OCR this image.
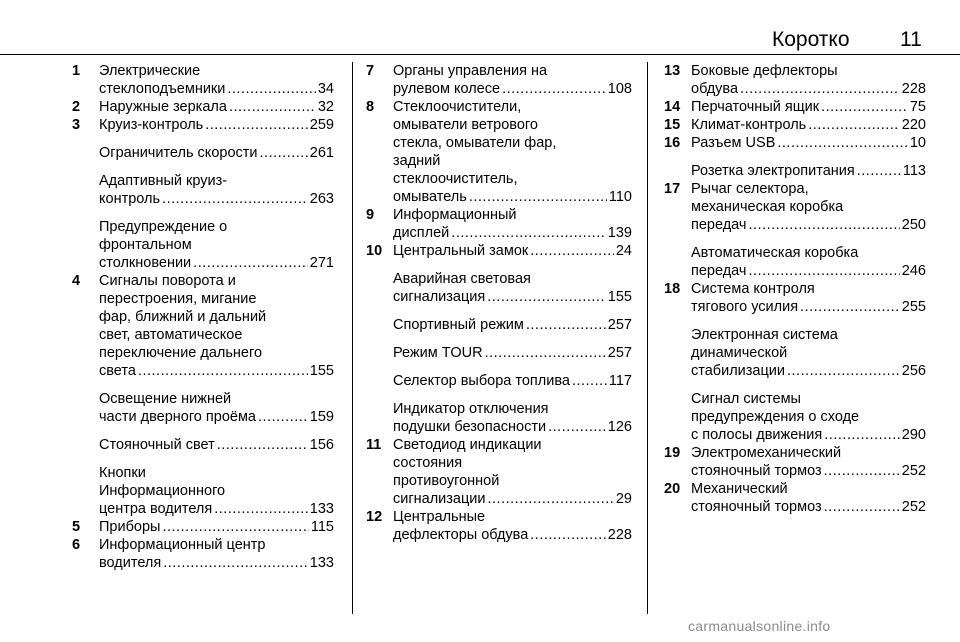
Коротко 11
1	Электрические
стеклоподъемники .....	34
2	Наружные зеркала .....	32
3	Круиз-контроль .....	259
Ограничитель скорости .....	261
Адаптивный круиз-
контроль .....	263
Предупреждение о
фронтальном
столкновении .....	271
4	Сигналы поворота и
перестроения, мигание
фар, ближний и дальний
свет, автоматическое
переключение дальнего
света .....	155
Освещение нижней
части дверного проёма .....	159
Стояночный свет .....	156
Кнопки
Информационного
центра водителя .....	133
5	Приборы .....	115
6	Информационный центр
водителя .....	133
7	Органы управления на
рулевом колесе .....	108
8	Стеклоочистители,
омыватели ветрового
стекла, омыватели фар,
задний
стеклоочиститель,
омыватель .....	110
9	Информационный
дисплей .....	139
10 Центральный замок .....	24
Аварийная световая
сигнализация .....	155
Спортивный режим .....	257
Режим TOUR .....	257
Селектор выбора топлива .....	117
Индикатор отключения
подушки безопасности .....	126
11 Светодиод индикации
состояния
противоугонной
сигнализации .....	29
12 Центральные
дефлекторы обдува .....	228
13 Боковые дефлекторы
обдува .....	228
14 Перчаточный ящик .....	75
15 Климат-контроль .....	220
16 Разъем USB .....	10
Розетка электропитания .....	113
17 Рычаг селектора,
механическая коробка
передач .....	250
Автоматическая коробка
передач .....	246
18 Система контроля
тягового усилия .....	255
Электронная система
динамической
стабилизации .....	256
Сигнал системы
предупреждения о сходе
с полосы движения .....	290
19 Электромеханический
стояночный тормоз .....	252
20 Механический
стояночный тормоз .....	252
carmanualsonline.info
